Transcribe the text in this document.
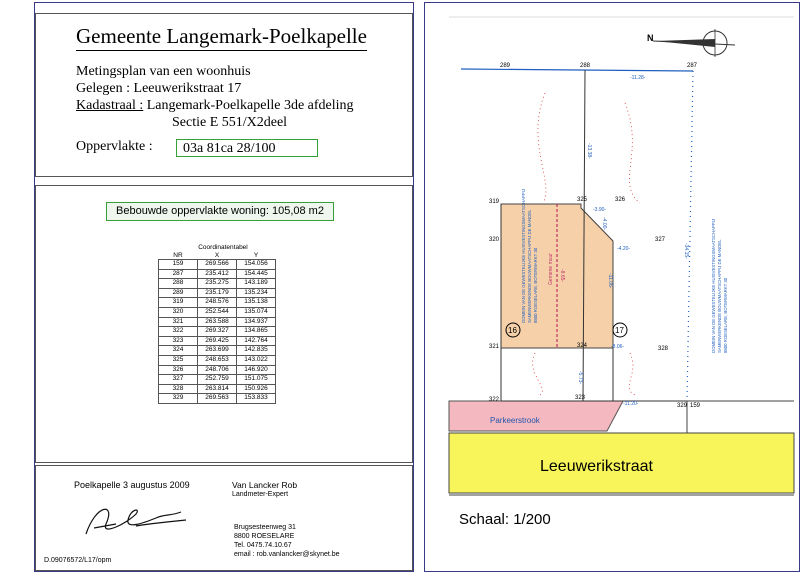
Gemeente Langemark-Poelkapelle
Metingsplan van een woonhuis
Gelegen : Leeuwerikstraat 17
Kadastraal : Langemark-Poelkapelle 3de afdeling
Sectie E 551/X2deel
Oppervlakte :	03a 81ca 28/100
Bebouwde oppervlakte woning: 105,08 m2
Coordinatentabel
NR	X	Y
159	269.566	154.056
287	235.412	154.445
288	235.275	143.189
289	235.179	135.234
319	248.576	135.138
320	252.544	135.074
321	263.588	134.937
322	269.327	134.865
323	269.425	142.764
324	263.699	142.835
325	248.653	143.022
326	248.706	146.920
327	252.759	151.075
328	263.814	150.926
329	269.563	153.833
Poelkapelle 3 augustus 2009	Van Lancker Rob
Landmeter-Expert
Brugsesteenweg 31
8800 ROESELARE
Tel. 0475.74.10.67
email : rob.vanlancker@skynet.be
D.09076572/L17/opm
Leeuwerikstraat
Parkeerstrook
Gemene muur
16	17
289	288	287
319
320
321
322	323
324
325	326
327
328
329 159
-11.28-
-13.38-
-3.90-
-4.00-
-4.20-
-11.06-
-8.06-
-5.73-
-11.20-
-34.15-
-8.65-
DOMEIN VAN DE GEWESTELIJKE HUISVESTINGSMAATSCHAPPIJ SAMENWERKENDE BOUWMAATSCHAPPIJ DE MANDEL 8800 ROESELARE, BOTERMARKT 30	DOMEIN VAN DE GEWESTELIJKE HUISVESTINGSMAATSCHAPPIJ SAMENWERKENDE BOUWMAATSCHAPPIJ DE MANDEL 8800 ROESELARE, BOTERMARKT 30
N
Schaal: 1/200
